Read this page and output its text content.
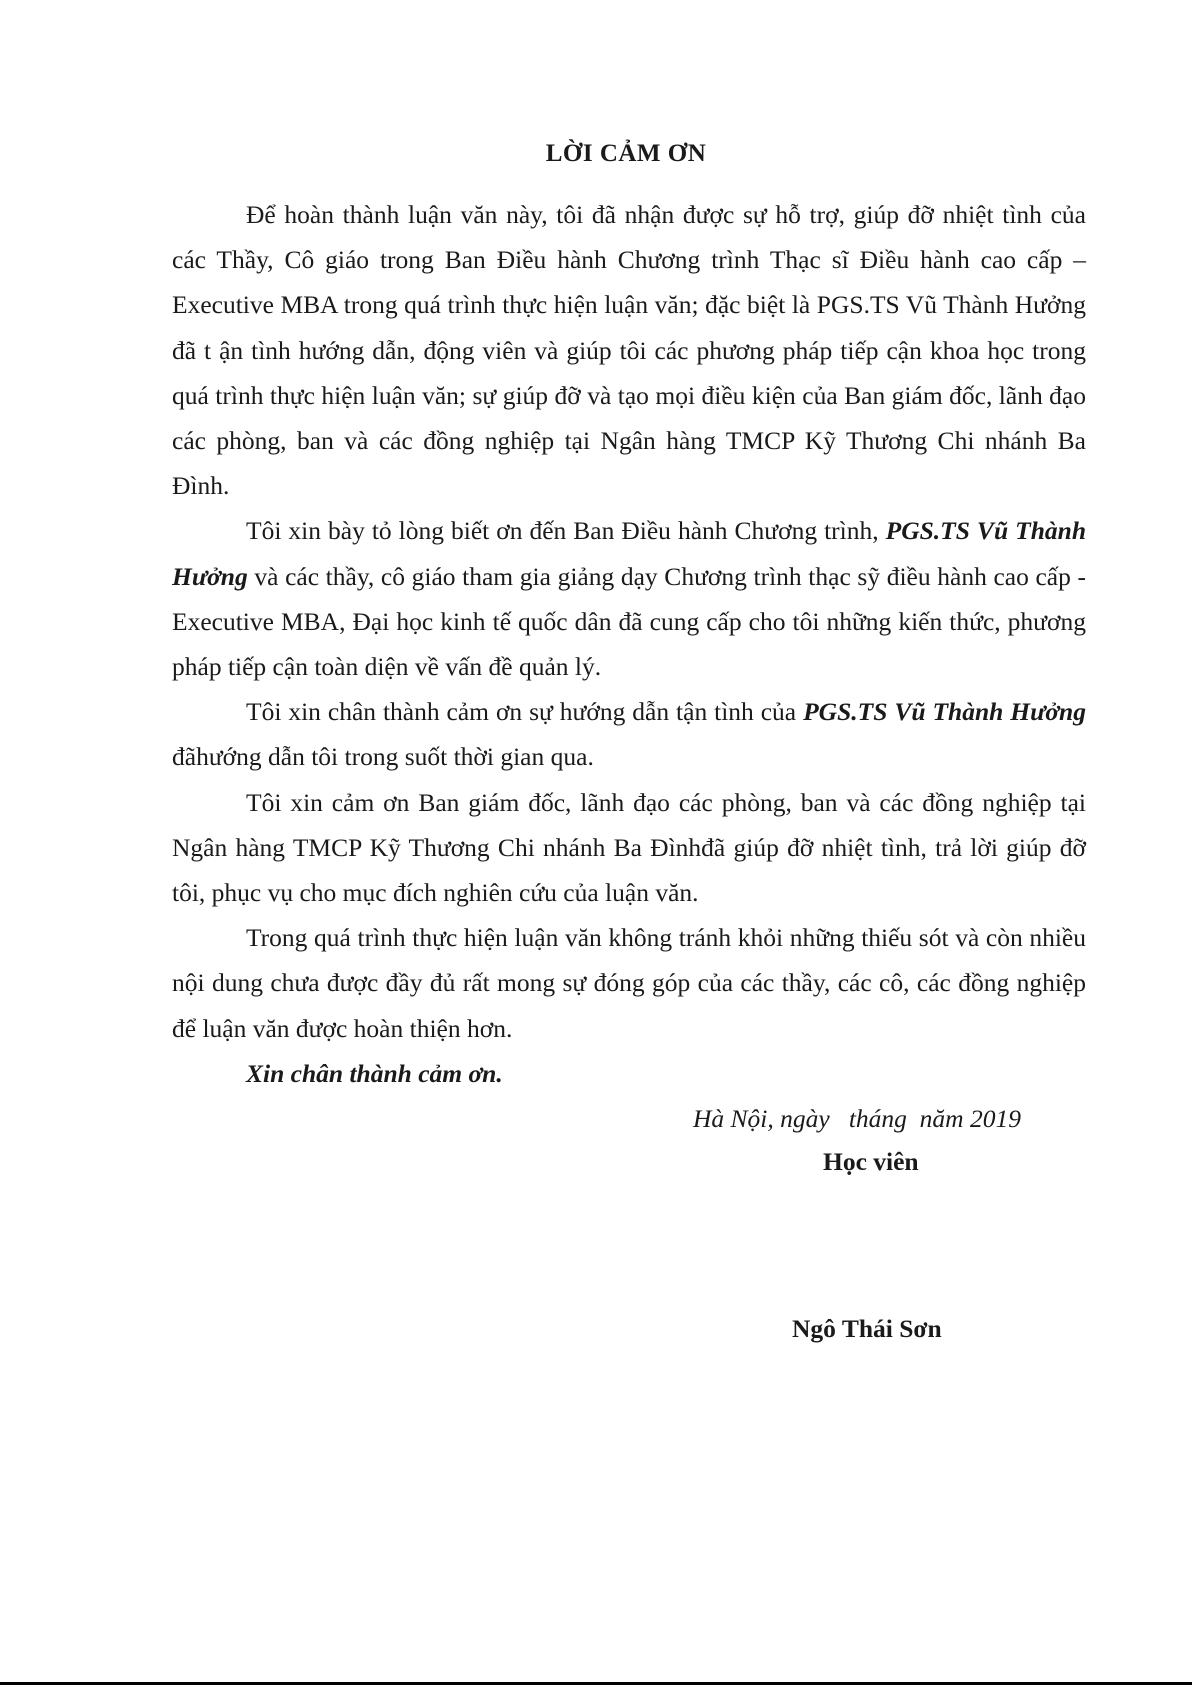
LỜI CẢM ƠN

Để hoàn thành luận văn này, tôi đã nhận được sự hỗ trợ, giúp đỡ nhiệt tình của các Thầy, Cô giáo trong Ban Điều hành Chương trình Thạc sĩ Điều hành cao cấp – Executive MBA trong quá trình thực hiện luận văn; đặc biệt là PGS.TS Vũ Thành Hưởng đã t ận tình hướng dẫn, động viên và giúp tôi các phương pháp tiếp cận khoa học trong quá trình thực hiện luận văn; sự giúp đỡ và tạo mọi điều kiện của Ban giám đốc, lãnh đạo các phòng, ban và các đồng nghiệp tại Ngân hàng TMCP Kỹ Thương Chi nhánh Ba Đình.

Tôi xin bày tỏ lòng biết ơn đến Ban Điều hành Chương trình, PGS.TS Vũ Thành Hưởng và các thầy, cô giáo tham gia giảng dạy Chương trình thạc sỹ điều hành cao cấp - Executive MBA, Đại học kinh tế quốc dân đã cung cấp cho tôi những kiến thức, phương pháp tiếp cận toàn diện về vấn đề quản lý.

Tôi xin chân thành cảm ơn sự hướng dẫn tận tình của PGS.TS Vũ Thành Hưởng đãhướng dẫn tôi trong suốt thời gian qua.

Tôi xin cảm ơn Ban giám đốc, lãnh đạo các phòng, ban và các đồng nghiệp tại Ngân hàng TMCP Kỹ Thương Chi nhánh Ba Đìnhđã giúp đỡ nhiệt tình, trả lời giúp đỡ tôi, phục vụ cho mục đích nghiên cứu của luận văn.

Trong quá trình thực hiện luận văn không tránh khỏi những thiếu sót và còn nhiều nội dung chưa được đầy đủ rất mong sự đóng góp của các thầy, các cô, các đồng nghiệp để luận văn được hoàn thiện hơn.

Xin chân thành cảm ơn.

Hà Nội, ngày   tháng  năm 2019
Học viên
Ngô Thái Sơn
